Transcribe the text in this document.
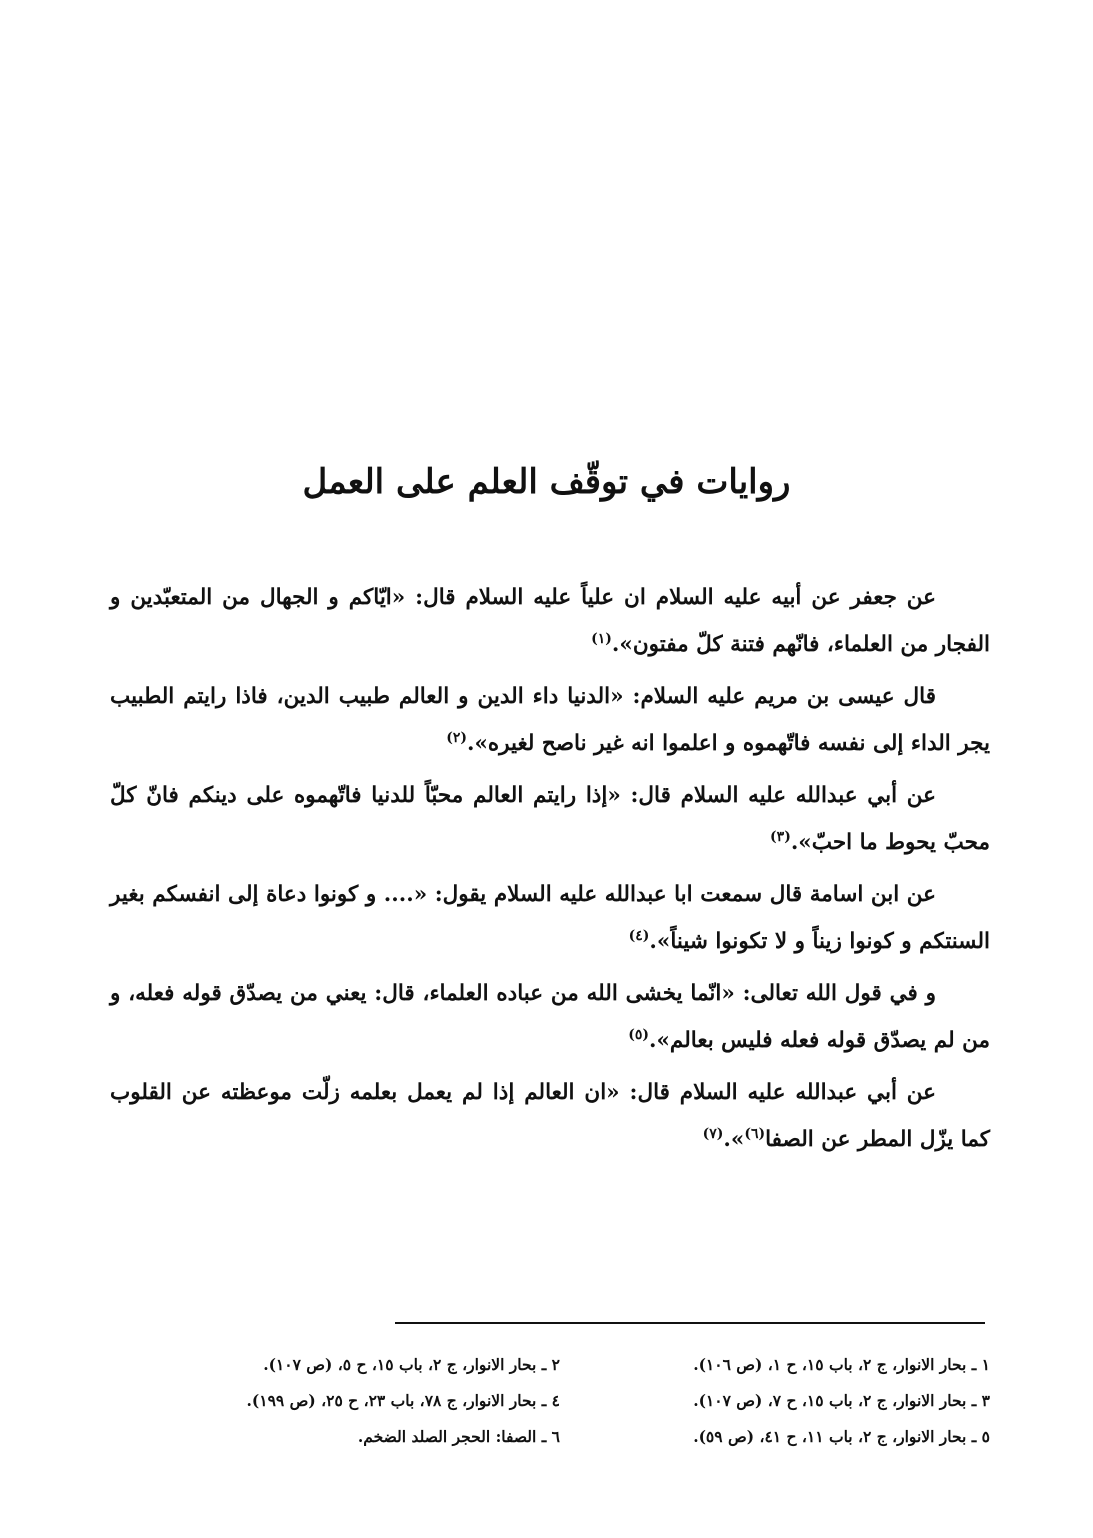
روايات في توقّف العلم على العمل

عن جعفر عن أبيه عليه السلام ان علياً عليه السلام قال: «ايّاكم و الجهال من المتعبّدين و الفجار من العلماء، فانّهم فتنة كلّ مفتون».$^{(١)}$

قال عيسى بن مريم عليه السلام: «الدنيا داء الدين و العالم طبيب الدين، فاذا رايتم الطبيب يجر الداء إلى نفسه فاتّهموه و اعلموا انه غير ناصح لغيره».$^{(٢)}$

عن أبي عبدالله عليه السلام قال: «إذا رايتم العالم محبّاً للدنيا فاتّهموه على دينكم فانّ كلّ محبّ يحوط ما احبّ».$^{(٣)}$

عن ابن اسامة قال سمعت ابا عبدالله عليه السلام يقول: «.... و كونوا دعاة إلى انفسكم بغير السنتكم و كونوا زيناً و لا تكونوا شيناً».$^{(٤)}$

و في قول الله تعالى: «انّما يخشى الله من عباده العلماء، قال: يعني من يصدّق قوله فعله، و من لم يصدّق قوله فعله فليس بعالم».$^{(٥)}$

عن أبي عبدالله عليه السلام قال: «ان العالم إذا لم يعمل بعلمه زلّت موعظته عن القلوب كما يزّل المطر عن الصفا$^{(٦)}$».$^{(٧)}$

١ ـ بحار الانوار، ج ٢، باب ١٥، ح ١، (ص ١٠٦).
٢ ـ بحار الانوار، ج ٢، باب ١٥، ح ٥، (ص ١٠٧).
٣ ـ بحار الانوار، ج ٢، باب ١٥، ح ٧، (ص ١٠٧).
٤ ـ بحار الانوار، ج ٧٨، باب ٢٣، ح ٢٥، (ص ١٩٩).
٥ ـ بحار الانوار، ج ٢، باب ١١، ح ٤١، (ص ٥٩).
٦ ـ الصفا: الحجر الصلد الضخم.
